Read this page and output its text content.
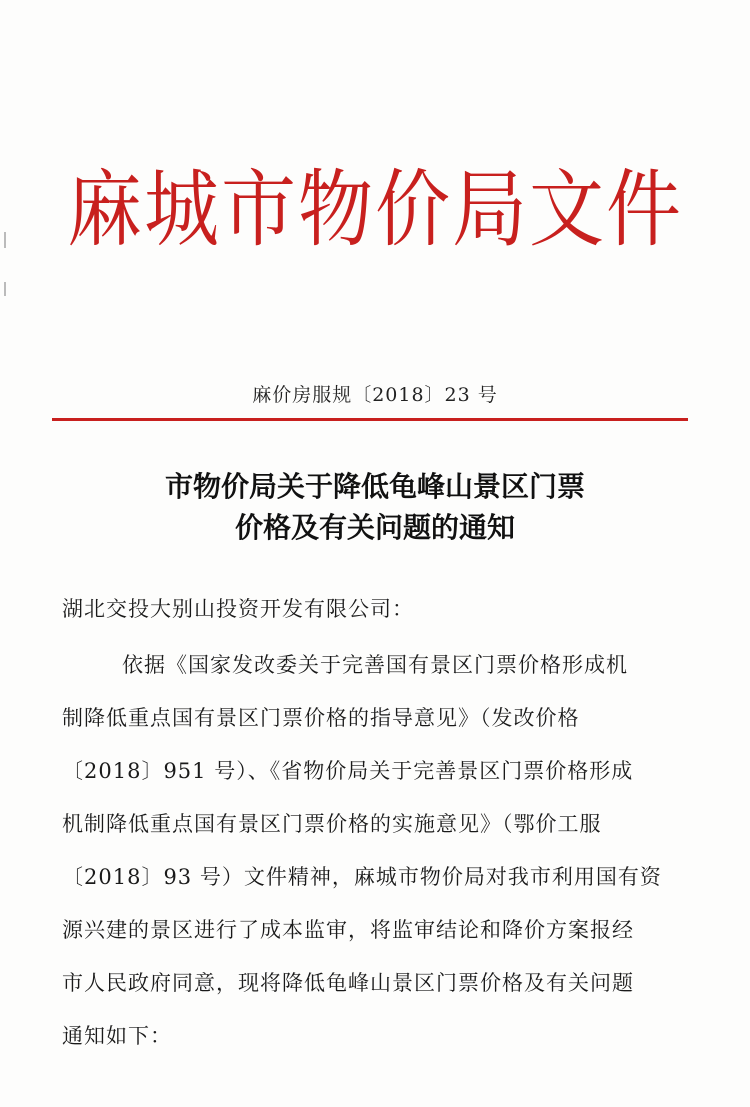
麻城市物价局文件
麻价房服规〔2018〕23 号
市物价局关于降低龟峰山景区门票
价格及有关问题的通知
湖北交投大别山投资开发有限公司：
依据《国家发改委关于完善国有景区门票价格形成机
制降低重点国有景区门票价格的指导意见》（发改价格
〔2018〕951 号）、《省物价局关于完善景区门票价格形成
机制降低重点国有景区门票价格的实施意见》（鄂价工服
〔2018〕93 号）文件精神，麻城市物价局对我市利用国有资
源兴建的景区进行了成本监审，将监审结论和降价方案报经
市人民政府同意，现将降低龟峰山景区门票价格及有关问题
通知如下：
